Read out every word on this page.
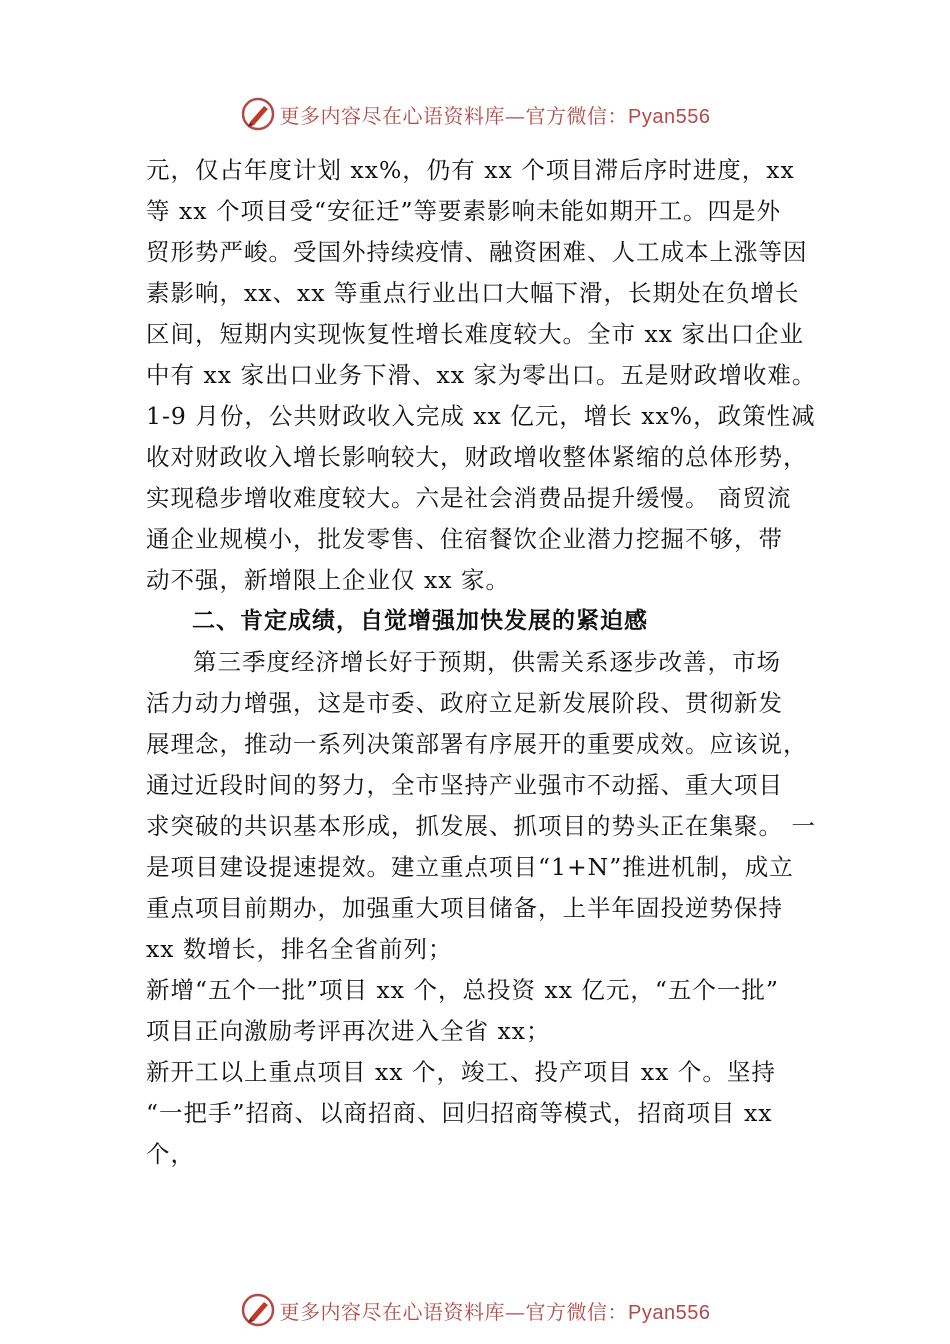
更多内容尽在心语资料库—官方微信：Pyan556

元，仅占年度计划 xx%，仍有 xx 个项目滞后序时进度，xx
等 xx 个项目受“安征迁”等要素影响未能如期开工。四是外
贸形势严峻。受国外持续疫情、融资困难、人工成本上涨等因
素影响，xx、xx 等重点行业出口大幅下滑，长期处在负增长
区间，短期内实现恢复性增长难度较大。全市 xx 家出口企业
中有 xx 家出口业务下滑、xx 家为零出口。五是财政增收难。
1-9 月份，公共财政收入完成 xx 亿元，增长 xx%，政策性减
收对财政收入增长影响较大，财政增收整体紧缩的总体形势，
实现稳步增收难度较大。六是社会消费品提升缓慢。 商贸流
通企业规模小，批发零售、住宿餐饮企业潜力挖掘不够，带
动不强，新增限上企业仅 xx 家。

二、肯定成绩，自觉增强加快发展的紧迫感

第三季度经济增长好于预期，供需关系逐步改善，市场
活力动力增强，这是市委、政府立足新发展阶段、贯彻新发
展理念，推动一系列决策部署有序展开的重要成效。应该说，
通过近段时间的努力，全市坚持产业强市不动摇、重大项目
求突破的共识基本形成，抓发展、抓项目的势头正在集聚。 一
是项目建设提速提效。建立重点项目“1+N”推进机制，成立
重点项目前期办，加强重大项目储备，上半年固投逆势保持
xx 数增长，排名全省前列；

新增“五个一批”项目 xx 个，总投资 xx 亿元，“五个一批”
项目正向激励考评再次进入全省 xx；

新开工以上重点项目 xx 个，竣工、投产项目 xx 个。坚持
“一把手”招商、以商招商、回归招商等模式，招商项目 xx
个，

更多内容尽在心语资料库—官方微信：Pyan556
